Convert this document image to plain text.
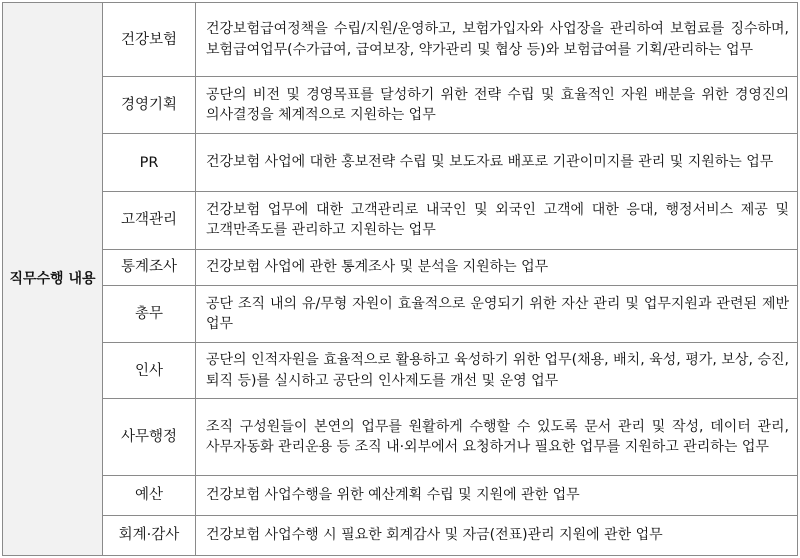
직무수행 내용	건강보험	건강보험급여정책을 수립/지원/운영하고, 보험가입자와 사업장을 관리하여 보험료를 징수하며, 보험급여업무(수가급여, 급여보장, 약가관리 및 협상 등)와 보험급여를 기획/관리하는 업무
	경영기획	공단의 비전 및 경영목표를 달성하기 위한 전략 수립 및 효율적인 자원 배분을 위한 경영진의 의사결정을 체계적으로 지원하는 업무
	PR	건강보험 사업에 대한 홍보전략 수립 및 보도자료 배포로 기관이미지를 관리 및 지원하는 업무
	고객관리	건강보험 업무에 대한 고객관리로 내국인 및 외국인 고객에 대한 응대, 행정서비스 제공 및 고객만족도를 관리하고 지원하는 업무
	통계조사	건강보험 사업에 관한 통계조사 및 분석을 지원하는 업무
	총무	공단 조직 내의 유/무형 자원이 효율적으로 운영되기 위한 자산 관리 및 업무지원과 관련된 제반 업무
	인사	공단의 인적자원을 효율적으로 활용하고 육성하기 위한 업무(채용, 배치, 육성, 평가, 보상, 승진, 퇴직 등)를 실시하고 공단의 인사제도를 개선 및 운영 업무
	사무행정	조직 구성원들이 본연의 업무를 원활하게 수행할 수 있도록 문서 관리 및 작성, 데이터 관리, 사무자동화 관리운용 등 조직 내·외부에서 요청하거나 필요한 업무를 지원하고 관리하는 업무
	예산	건강보험 사업수행을 위한 예산계획 수립 및 지원에 관한 업무
	회계·감사	건강보험 사업수행 시 필요한 회계감사 및 자금(전표)관리 지원에 관한 업무
